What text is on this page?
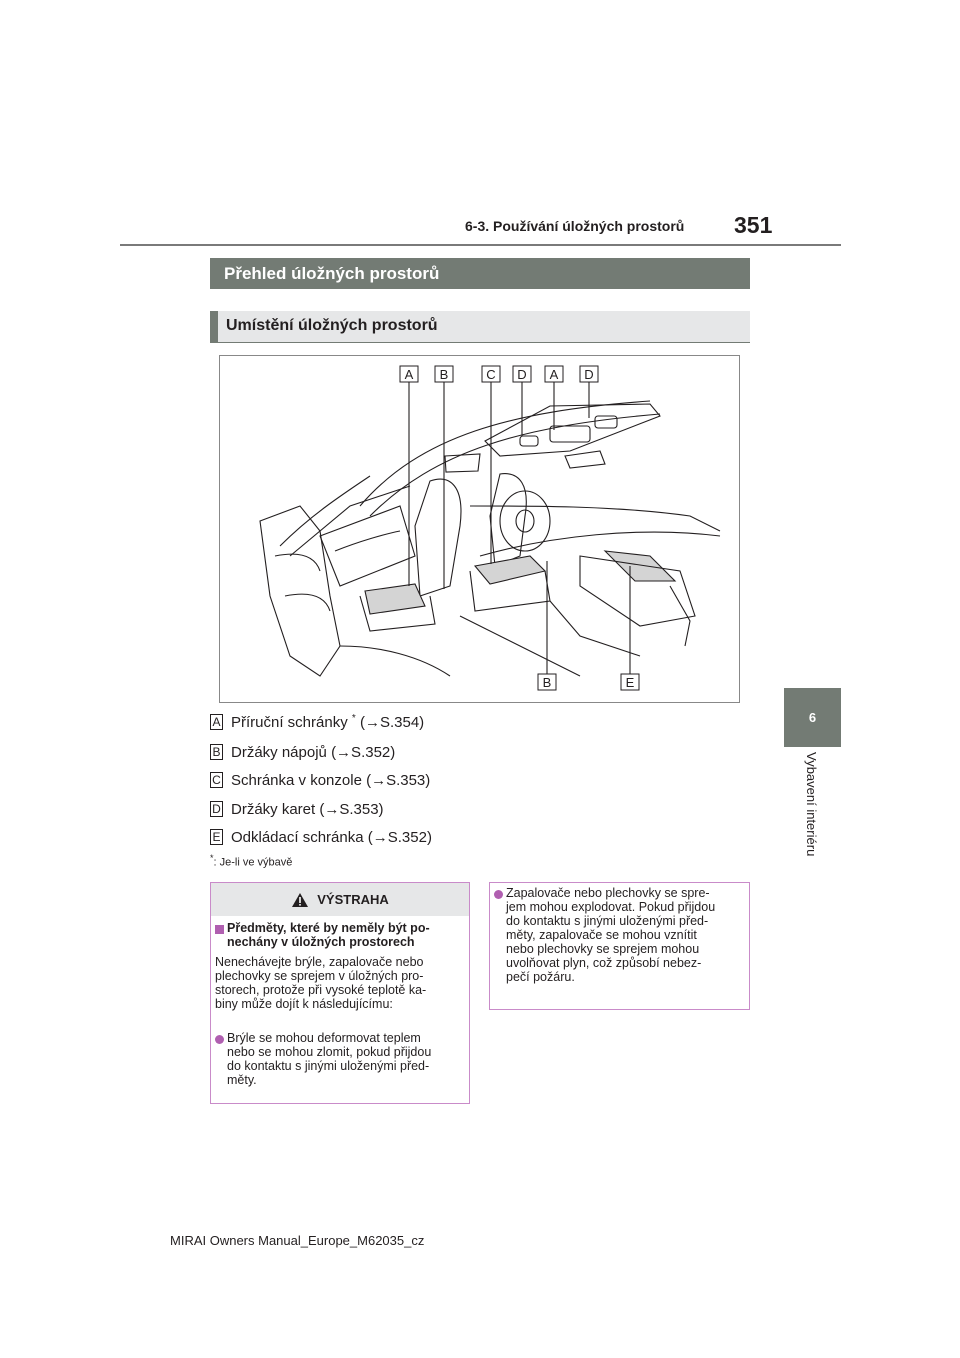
6-3. Používání úložných prostorů 351
6
Vybavení interiéru
Přehled úložných prostorů
Umístění úložných prostorů
A B	C D A D
B	E
A Příruční schránky * (→S.354)
B Držáky nápojů (→S.352)
C Schránka v konzole (→S.353)
D Držáky karet (→S.353)
E Odkládací schránka (→S.352)
*: Je-li ve výbavě
VÝSTRAHA
Předměty, které by neměly být po-
nechány v úložných prostorech
Nenechávejte brýle, zapalovače nebo
plechovky se sprejem v úložných pro-
storech, protože při vysoké teplotě ka-
biny může dojít k následujícímu:
Brýle se mohou deformovat teplem
nebo se mohou zlomit, pokud přijdou
do kontaktu s jinými uloženými před-
měty.
Zapalovače nebo plechovky se spre-
jem mohou explodovat. Pokud přijdou
do kontaktu s jinými uloženými před-
měty, zapalovače se mohou vznítit
nebo plechovky se sprejem mohou
uvolňovat plyn, což způsobí nebez-
pečí požáru.
MIRAI Owners Manual_Europe_M62035_cz
